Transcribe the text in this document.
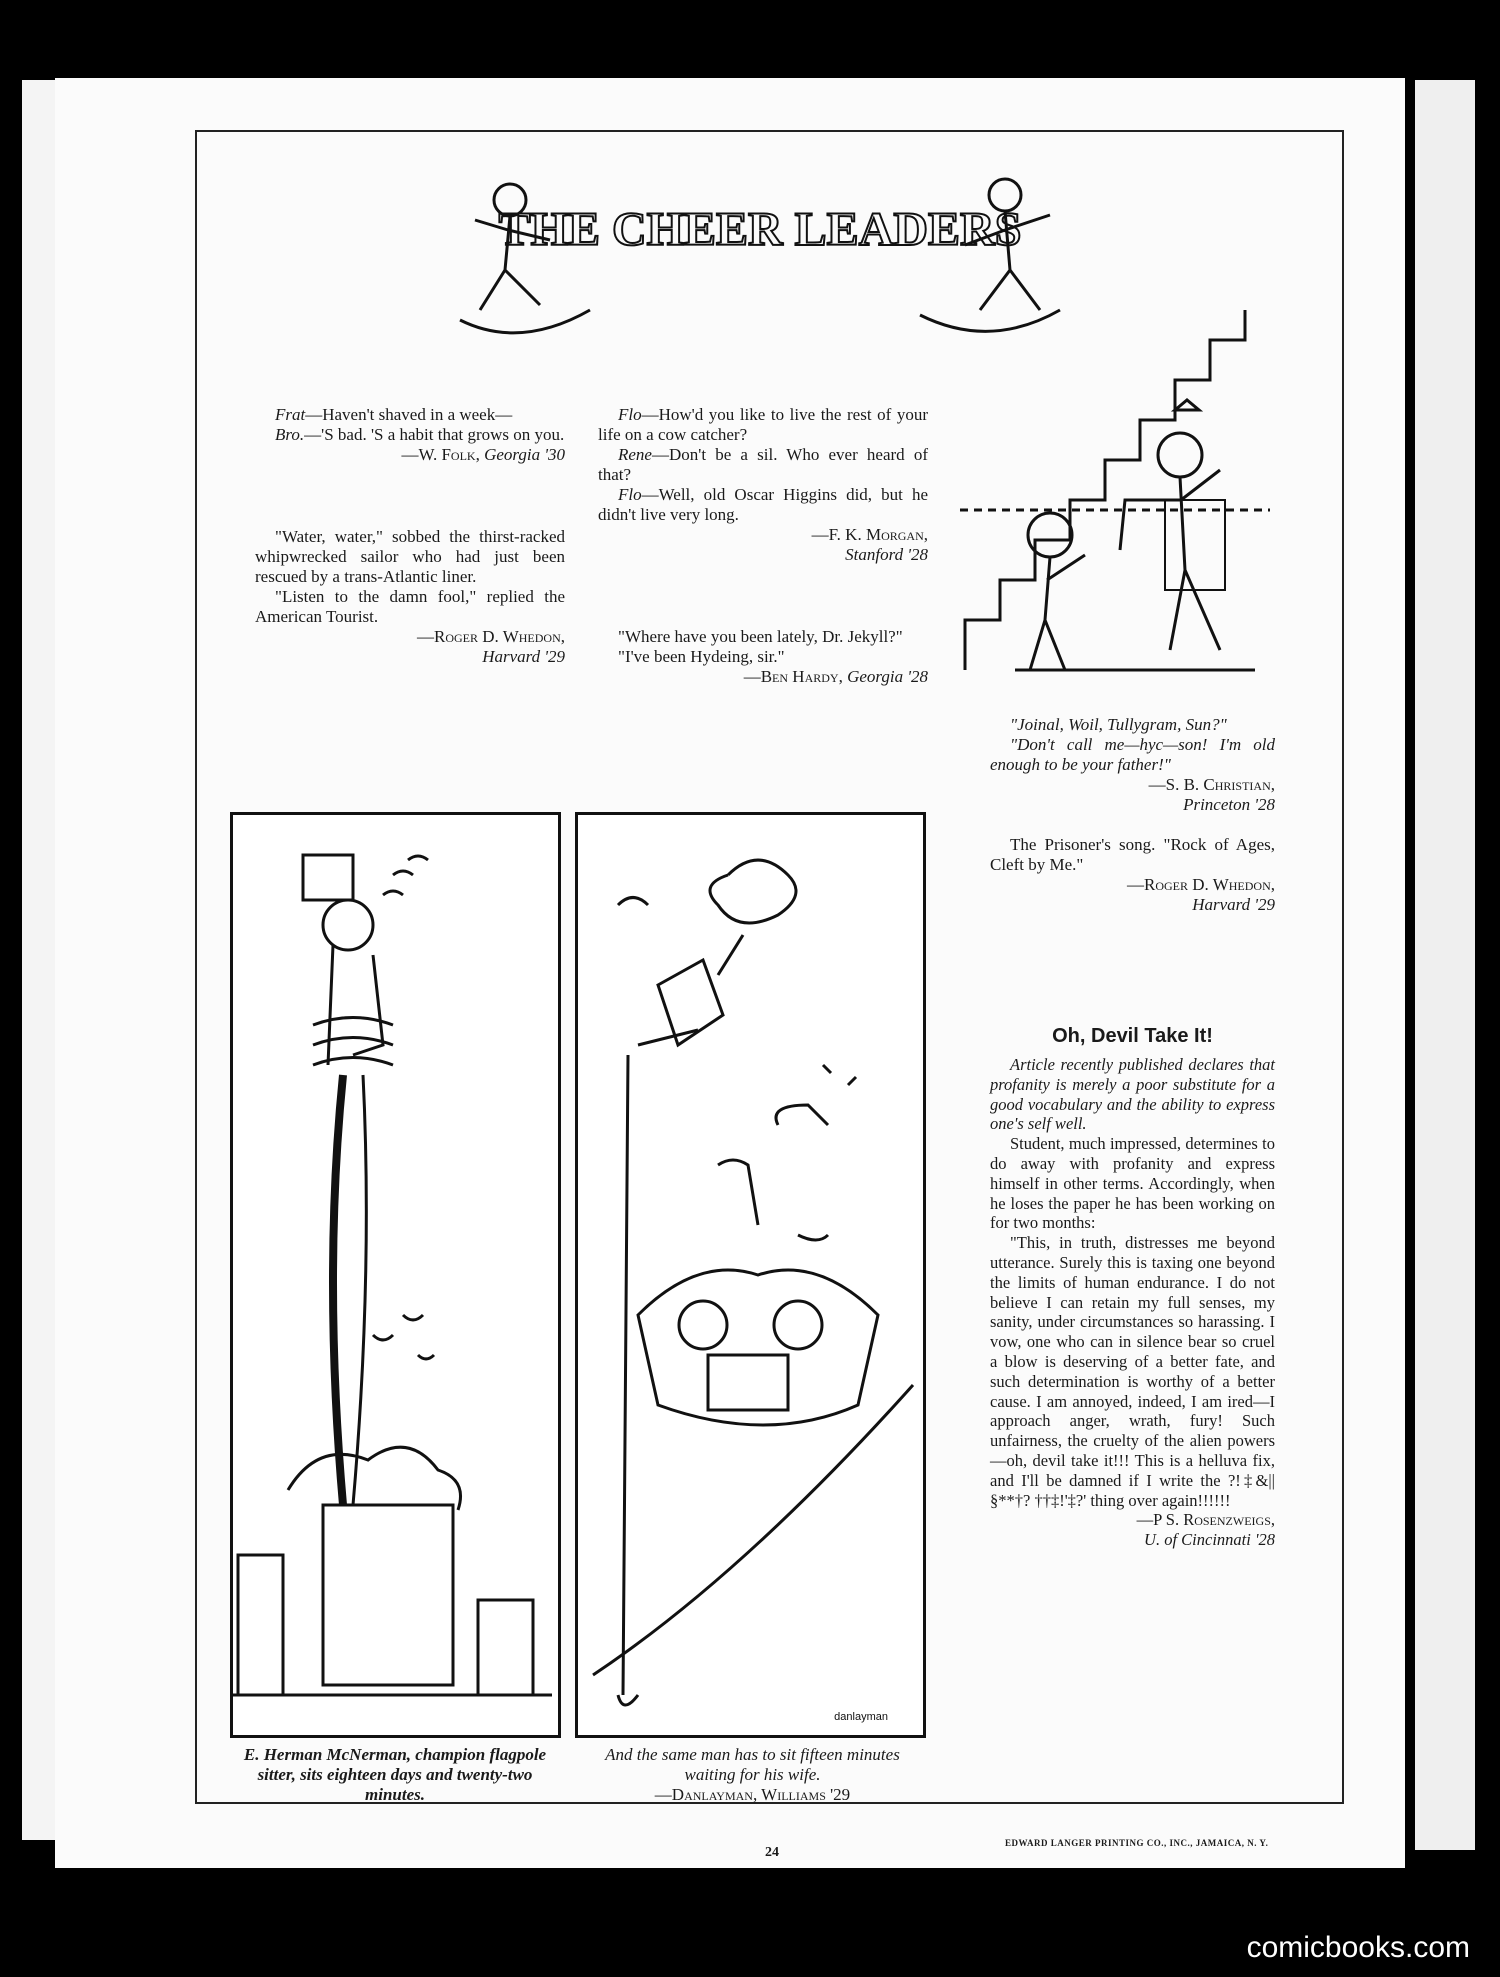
THE CHEER LEADERS

Frat—Haven't shaved in a week—

Bro.—'S bad. 'S a habit that grows on you.

—W. Folk, Georgia '30

"Water, water," sobbed the thirst-racked whipwrecked sailor who had just been rescued by a trans-Atlantic liner.

"Listen to the damn fool," replied the American Tourist.

—Roger D. Whedon,

Harvard '29

Flo—How'd you like to live the rest of your life on a cow catcher?

Rene—Don't be a sil. Who ever heard of that?

Flo—Well, old Oscar Higgins did, but he didn't live very long.

—F. K. Morgan,

Stanford '28

"Where have you been lately, Dr. Jekyll?"

"I've been Hydeing, sir."

—Ben Hardy, Georgia '28

"Joinal, Woil, Tullygram, Sun?"

"Don't call me—hyc—son! I'm old enough to be your father!"

—S. B. Christian,

Princeton '28

The Prisoner's song. "Rock of Ages, Cleft by Me."

—Roger D. Whedon,

Harvard '29

danlayman
E. Herman McNerman, champion flagpole sitter, sits eighteen days and twenty-two minutes.
And the same man has to sit fifteen minutes waiting for his wife.
—Danlayman, Williams '29
Oh, Devil Take It!

Article recently published declares that profanity is merely a poor substitute for a good vocabulary and the ability to express one's self well.

Student, much impressed, determines to do away with profanity and express himself in other terms. Accordingly, when he loses the paper he has been working on for two months:

"This, in truth, distresses me beyond utterance. Surely this is taxing one beyond the limits of human endurance. I do not believe I can retain my full senses, my sanity, under circumstances so harassing. I vow, one who can in silence bear so cruel a blow is deserving of a better fate, and such determination is worthy of a better cause. I am annoyed, indeed, I am ired—I approach anger, wrath, fury! Such unfairness, the cruelty of the alien powers—oh, devil take it!!! This is a helluva fix, and I'll be damned if I write the ?!‡&||§**†? ††‡!'‡?' thing over again!!!!!!

—P S. Rosenzweigs,

U. of Cincinnati '28

24
EDWARD LANGER PRINTING CO., INC., JAMAICA, N. Y.
comicbooks.com
